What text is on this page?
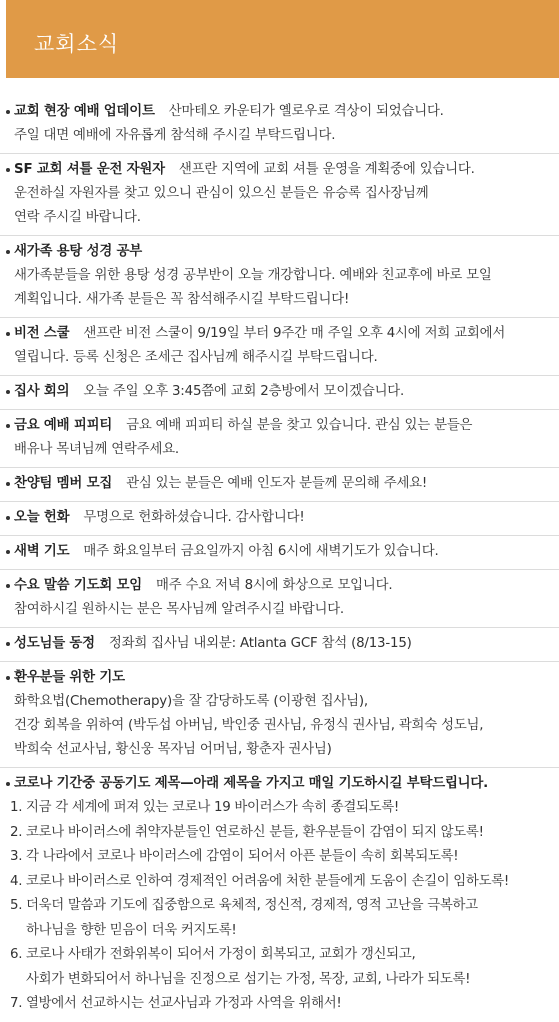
교회소식
교회 현장 예배 업데이트 산마테오 카운티가 옐로우로 격상이 되었습니다.
주일 대면 예배에 자유롭게 참석해 주시길 부탁드립니다.
SF 교회 셔틀 운전 자원자 샌프란 지역에 교회 셔틀 운영을 계획중에 있습니다.
운전하실 자원자를 찾고 있으니 관심이 있으신 분들은 유승록 집사장님께
연락 주시길 바랍니다.
새가족 용탕 성경 공부
새가족분들을 위한 용탕 성경 공부반이 오늘 개강합니다. 예배와 친교후에 바로 모일
계획입니다. 새가족 분들은 꼭 참석해주시길 부탁드립니다!
비전 스쿨 샌프란 비전 스쿨이 9/19일 부터 9주간 매 주일 오후 4시에 저희 교회에서
열립니다. 등록 신청은 조세근 집사님께 해주시길 부탁드립니다.
집사 회의 오늘 주일 오후 3:45쯤에 교회 2층방에서 모이겠습니다.
금요 예배 피피티 금요 예배 피피티 하실 분을 찾고 있습니다. 관심 있는 분들은
배유나 목녀님께 연락주세요.
찬양팀 멤버 모집 관심 있는 분들은 예배 인도자 분들께 문의해 주세요!
오늘 헌화 무명으로 헌화하셨습니다. 감사합니다!
새벽 기도 매주 화요일부터 금요일까지 아침 6시에 새벽기도가 있습니다.
수요 말씀 기도회 모임 매주 수요 저녁 8시에 화상으로 모입니다.
참여하시길 원하시는 분은 목사님께 알려주시길 바랍니다.
성도님들 동정 정좌희 집사님 내외분: Atlanta GCF 참석 (8/13-15)
환우분들 위한 기도
화학요법(Chemotherapy)을 잘 감당하도록 (이광현 집사님),
건강 회복을 위하여 (박두섭 아버님, 박인중 권사님, 유정식 권사님, 곽희숙 성도님,
박희숙 선교사님, 황신웅 목자님 어머님, 황춘자 권사님)
코로나 기간중 공동기도 제목—아래 제목을 가지고 매일 기도하시길 부탁드립니다.
1. 지금 각 세계에 퍼져 있는 코로나 19 바이러스가 속히 종결되도록!
2. 코로나 바이러스에 취약자분들인 연로하신 분들, 환우분들이 감염이 되지 않도록!
3. 각 나라에서 코로나 바이러스에 감염이 되어서 아픈 분들이 속히 회복되도록!
4. 코로나 바이러스로 인하여 경제적인 어려움에 처한 분들에게 도움이 손길이 임하도록!
5. 더욱더 말씀과 기도에 집중함으로 육체적, 정신적, 경제적, 영적 고난을 극복하고
하나님을 향한 믿음이 더욱 커지도록!
6. 코로나 사태가 전화위복이 되어서 가정이 회복되고, 교회가 갱신되고,
사회가 변화되어서 하나님을 진정으로 섬기는 가정, 목장, 교회, 나라가 되도록!
7. 열방에서 선교하시는 선교사님과 가정과 사역을 위해서!
